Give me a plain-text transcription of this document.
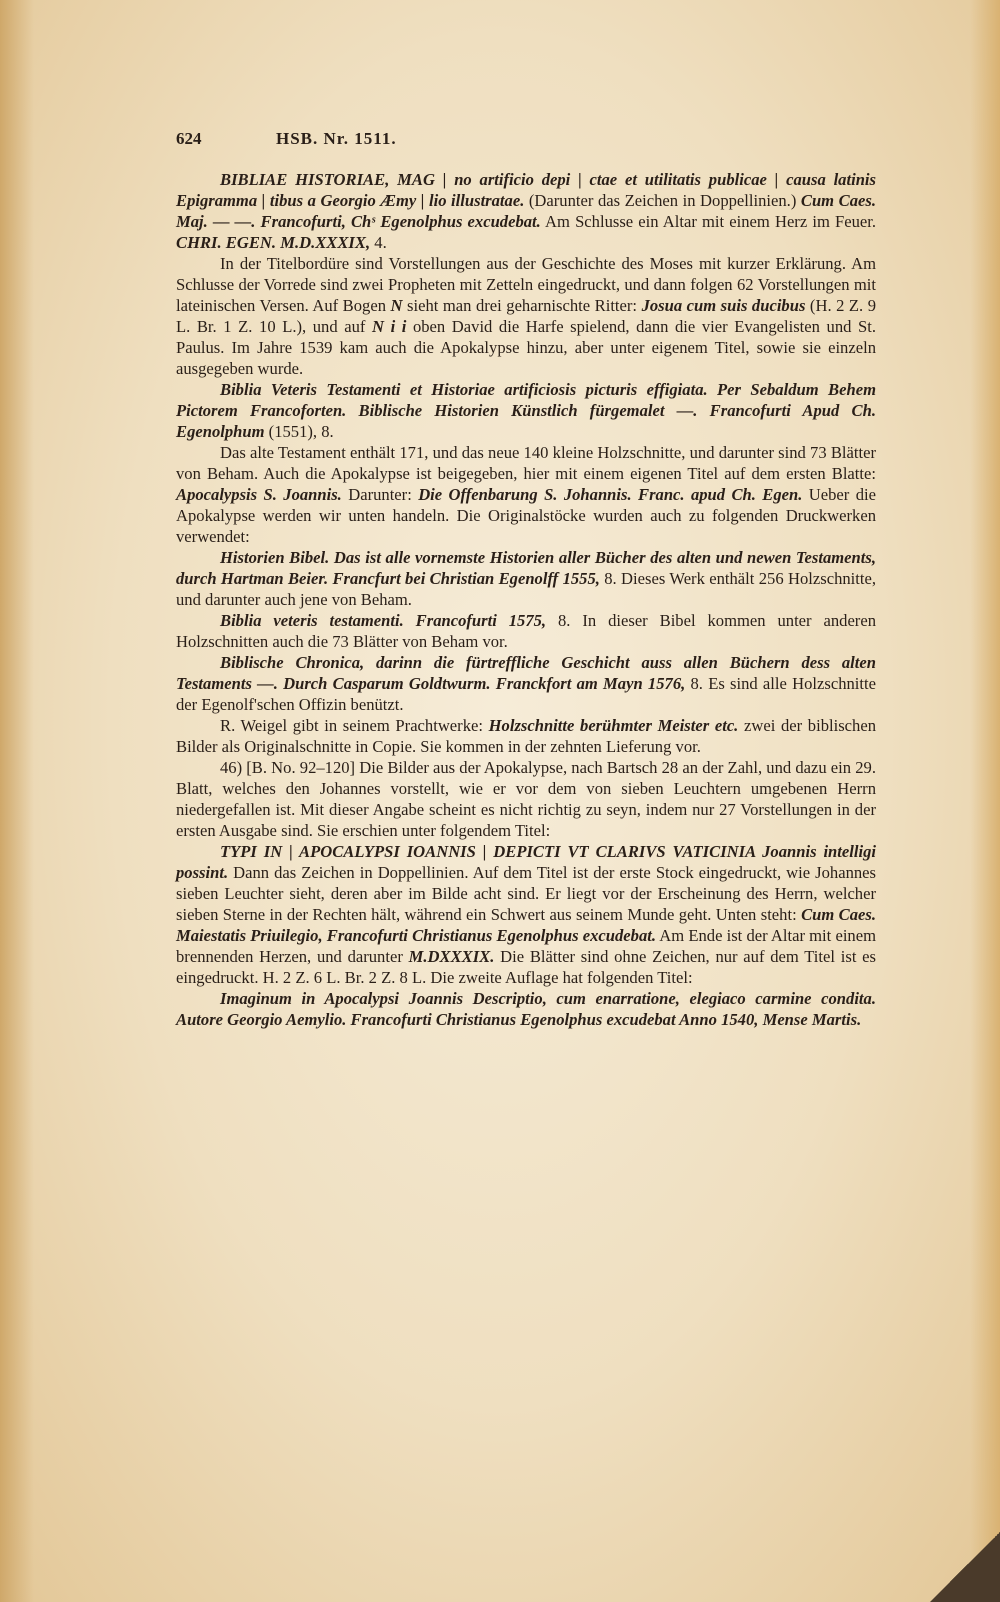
624	HSB. Nr. 1511.

BIBLIAE HISTORIAE, MAG | no artificio depi | ctae et utilitatis publicae | causa latinis Epigramma | tibus a Georgio Æmy | lio illustratae. (Darunter das Zeichen in Doppellinien.) Cum Caes. Maj. — —. Francofurti, Chˢ Egenolphus excudebat. Am Schlusse ein Altar mit einem Herz im Feuer. CHRI. EGEN. M.D.XXXIX, 4.

In der Titelbordüre sind Vorstellungen aus der Geschichte des Moses mit kurzer Erklärung. Am Schlusse der Vorrede sind zwei Propheten mit Zetteln eingedruckt, und dann folgen 62 Vorstellungen mit lateinischen Versen. Auf Bogen N sieht man drei geharnischte Ritter: Josua cum suis ducibus (H. 2 Z. 9 L. Br. 1 Z. 10 L.), und auf N i i oben David die Harfe spielend, dann die vier Evangelisten und St. Paulus. Im Jahre 1539 kam auch die Apokalypse hinzu, aber unter eigenem Titel, sowie sie einzeln ausgegeben wurde.

Biblia Veteris Testamenti et Historiae artificiosis picturis effigiata. Per Sebaldum Behem Pictorem Francoforten. Biblische Historien Künstlich fürgemalet —. Francofurti Apud Ch. Egenolphum (1551), 8.

Das alte Testament enthält 171, und das neue 140 kleine Holzschnitte, und darunter sind 73 Blätter von Beham. Auch die Apokalypse ist beigegeben, hier mit einem eigenen Titel auf dem ersten Blatte: Apocalypsis S. Joannis. Darunter: Die Offenbarung S. Johannis. Franc. apud Ch. Egen. Ueber die Apokalypse werden wir unten handeln. Die Originalstöcke wurden auch zu folgenden Druckwerken verwendet:

Historien Bibel. Das ist alle vornemste Historien aller Bücher des alten und newen Testaments, durch Hartman Beier. Francfurt bei Christian Egenolff 1555, 8. Dieses Werk enthält 256 Holzschnitte, und darunter auch jene von Beham.

Biblia veteris testamenti. Francofurti 1575, 8. In dieser Bibel kommen unter anderen Holzschnitten auch die 73 Blätter von Beham vor.

Biblische Chronica, darinn die fürtreffliche Geschicht auss allen Büchern dess alten Testaments —. Durch Casparum Goldtwurm. Franckfort am Mayn 1576, 8. Es sind alle Holzschnitte der Egenolf'schen Offizin benützt.

R. Weigel gibt in seinem Prachtwerke: Holzschnitte berühmter Meister etc. zwei der biblischen Bilder als Originalschnitte in Copie. Sie kommen in der zehnten Lieferung vor.

46) [B. No. 92–120] Die Bilder aus der Apokalypse, nach Bartsch 28 an der Zahl, und dazu ein 29. Blatt, welches den Johannes vorstellt, wie er vor dem von sieben Leuchtern umgebenen Herrn niedergefallen ist. Mit dieser Angabe scheint es nicht richtig zu seyn, indem nur 27 Vorstellungen in der ersten Ausgabe sind. Sie erschien unter folgendem Titel:

TYPI IN | APOCALYPSI IOANNIS | DEPICTI VT CLARIVS VATICINIA Joannis intelligi possint. Dann das Zeichen in Doppellinien. Auf dem Titel ist der erste Stock eingedruckt, wie Johannes sieben Leuchter sieht, deren aber im Bilde acht sind. Er liegt vor der Erscheinung des Herrn, welcher sieben Sterne in der Rechten hält, während ein Schwert aus seinem Munde geht. Unten steht: Cum Caes. Maiestatis Priuilegio, Francofurti Christianus Egenolphus excudebat. Am Ende ist der Altar mit einem brennenden Herzen, und darunter M.DXXXIX. Die Blätter sind ohne Zeichen, nur auf dem Titel ist es eingedruckt. H. 2 Z. 6 L. Br. 2 Z. 8 L. Die zweite Auflage hat folgenden Titel:

Imaginum in Apocalypsi Joannis Descriptio, cum enarratione, elegiaco carmine condita. Autore Georgio Aemylio. Francofurti Christianus Egenolphus excudebat Anno 1540, Mense Martis.
